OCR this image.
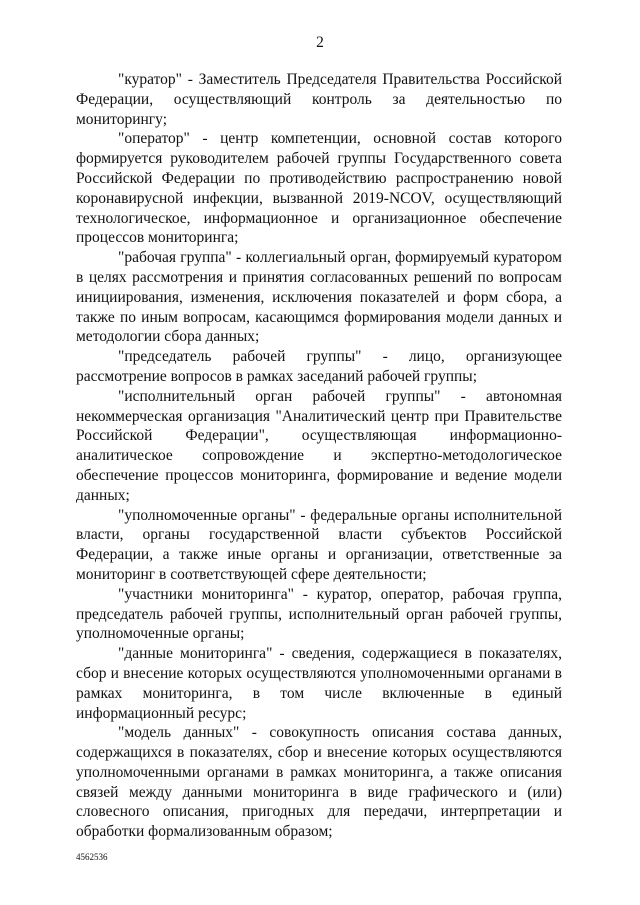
2

"куратор" - Заместитель Председателя Правительства Российской Федерации, осуществляющий контроль за деятельностью по мониторингу;

"оператор" - центр компетенции, основной состав которого формируется руководителем рабочей группы Государственного совета Российской Федерации по противодействию распространению новой коронавирусной инфекции, вызванной 2019-NCOV, осуществляющий технологическое, информационное и организационное обеспечение процессов мониторинга;

"рабочая группа" - коллегиальный орган, формируемый куратором в целях рассмотрения и принятия согласованных решений по вопросам инициирования, изменения, исключения показателей и форм сбора, а также по иным вопросам, касающимся формирования модели данных и методологии сбора данных;

"председатель рабочей группы" - лицо, организующее рассмотрение вопросов в рамках заседаний рабочей группы;

"исполнительный орган рабочей группы" - автономная некоммерческая организация "Аналитический центр при Правительстве Российской Федерации", осуществляющая информационно-аналитическое сопровождение и экспертно-методологическое обеспечение процессов мониторинга, формирование и ведение модели данных;

"уполномоченные органы" - федеральные органы исполнительной власти, органы государственной власти субъектов Российской Федерации, а также иные органы и организации, ответственные за мониторинг в соответствующей сфере деятельности;

"участники мониторинга" - куратор, оператор, рабочая группа, председатель рабочей группы, исполнительный орган рабочей группы, уполномоченные органы;

"данные мониторинга" - сведения, содержащиеся в показателях, сбор и внесение которых осуществляются уполномоченными органами в рамках мониторинга, в том числе включенные в единый информационный ресурс;

"модель данных" - совокупность описания состава данных, содержащихся в показателях, сбор и внесение которых осуществляются уполномоченными органами в рамках мониторинга, а также описания связей между данными мониторинга в виде графического и (или) словесного описания, пригодных для передачи, интерпретации и обработки формализованным образом;

4562536
